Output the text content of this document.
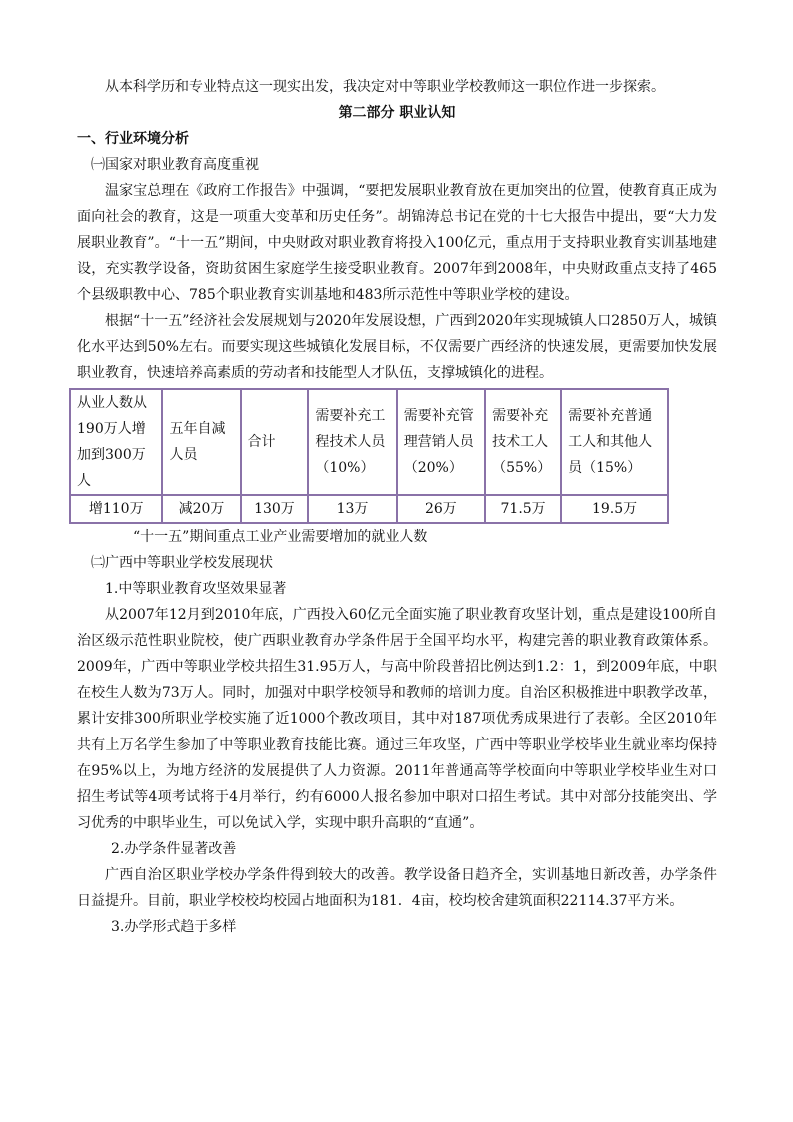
从本科学历和专业特点这一现实出发，我决定对中等职业学校教师这一职位作进一步探索。

第二部分 职业认知

一、行业环境分析

㈠国家对职业教育高度重视

温家宝总理在《政府工作报告》中强调，“要把发展职业教育放在更加突出的位置，使教育真正成为面向社会的教育，这是一项重大变革和历史任务”。胡锦涛总书记在党的十七大报告中提出，要“大力发展职业教育”。“十一五”期间，中央财政对职业教育将投入100亿元，重点用于支持职业教育实训基地建设，充实教学设备，资助贫困生家庭学生接受职业教育。2007年到2008年，中央财政重点支持了465个县级职教中心、785个职业教育实训基地和483所示范性中等职业学校的建设。

根据“十一五”经济社会发展规划与2020年发展设想，广西到2020年实现城镇人口2850万人，城镇化水平达到50%左右。而要实现这些城镇化发展目标，不仅需要广西经济的快速发展，更需要加快发展职业教育，快速培养高素质的劳动者和技能型人才队伍，支撑城镇化的进程。

从业人数从190万人增加到300万人	五年自减人员	合计	需要补充工程技术人员（10%）	需要补充管理营销人员（20%）	需要补充技术工人（55%）	需要补充普通工人和其他人员（15%）
增110万	减20万	130万	13万	26万	71.5万	19.5万

“十一五”期间重点工业产业需要增加的就业人数

㈡广西中等职业学校发展现状

1.中等职业教育攻坚效果显著

从2007年12月到2010年底，广西投入60亿元全面实施了职业教育攻坚计划，重点是建设100所自治区级示范性职业院校，使广西职业教育办学条件居于全国平均水平，构建完善的职业教育政策体系。2009年，广西中等职业学校共招生31.95万人，与高中阶段普招比例达到1.2：1，到2009年底，中职在校生人数为73万人。同时，加强对中职学校领导和教师的培训力度。自治区积极推进中职教学改革，累计安排300所职业学校实施了近1000个教改项目，其中对187项优秀成果进行了表彰。全区2010年共有上万名学生参加了中等职业教育技能比赛。通过三年攻坚，广西中等职业学校毕业生就业率均保持在95%以上，为地方经济的发展提供了人力资源。2011年普通高等学校面向中等职业学校毕业生对口招生考试等4项考试将于4月举行，约有6000人报名参加中职对口招生考试。其中对部分技能突出、学习优秀的中职毕业生，可以免试入学，实现中职升高职的“直通”。

2.办学条件显著改善

广西自治区职业学校办学条件得到较大的改善。教学设备日趋齐全，实训基地日新改善，办学条件日益提升。目前，职业学校校均校园占地面积为181．4亩，校均校舍建筑面积22114.37平方米。

3.办学形式趋于多样
